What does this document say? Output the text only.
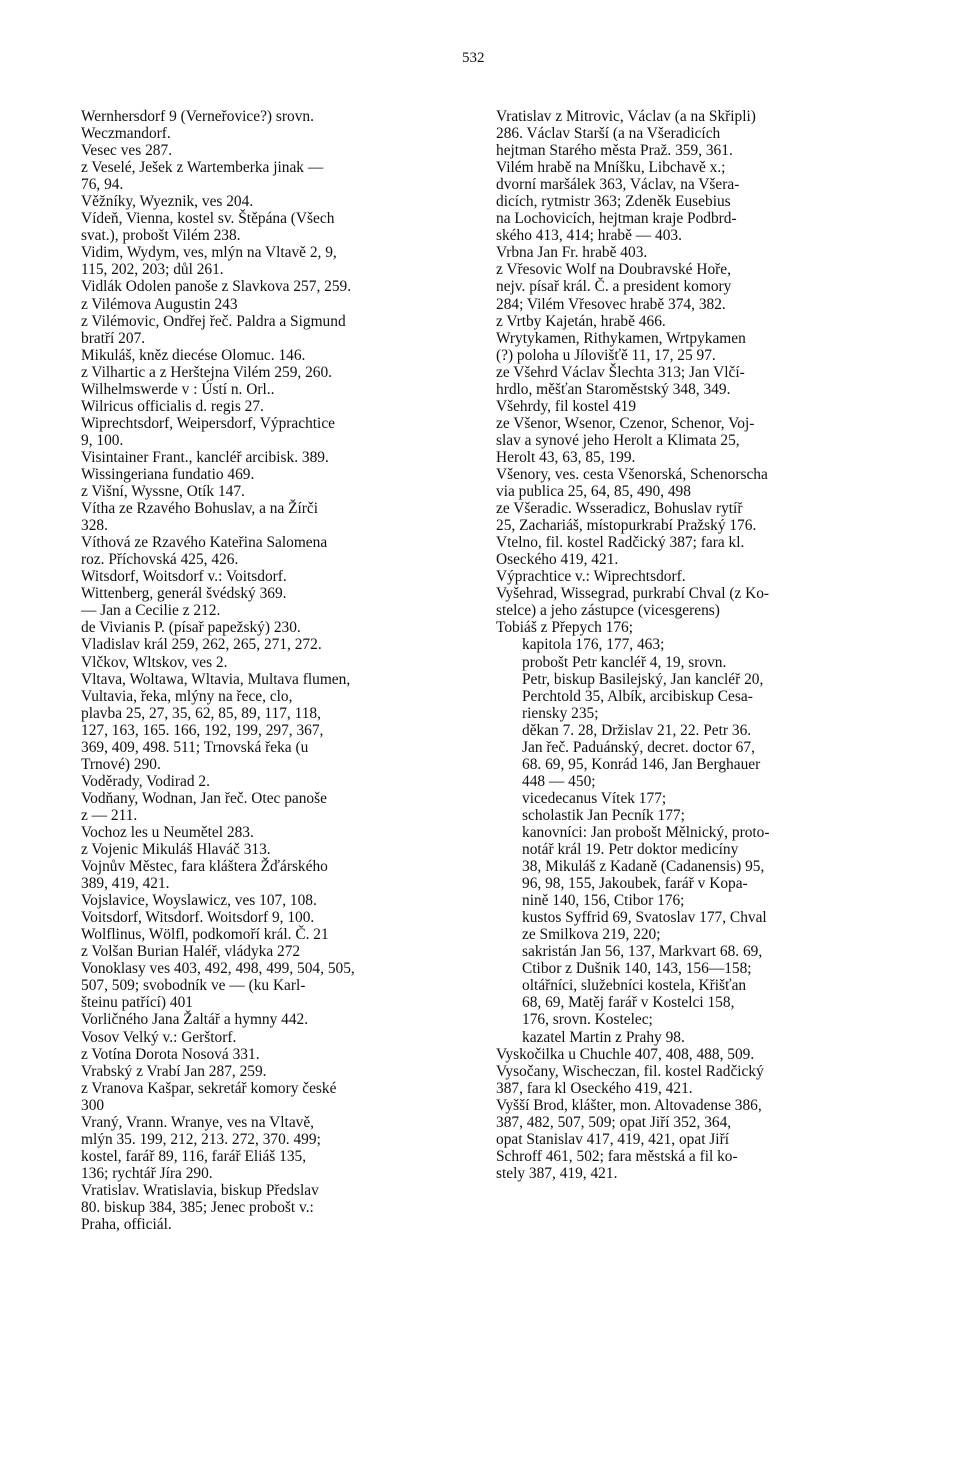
532

Wernhersdorf 9 (Verneřovice?) srovn.
Weczmandorf.

Vesec ves 287.

z Veselé, Ješek z Wartemberka jinak —
76, 94.

Věžníky, Wyeznik, ves 204.

Vídeň, Vienna, kostel sv. Štěpána (Všech
svat.), probošt Vilém 238.

Vidim, Wydym, ves, mlýn na Vltavě 2, 9,
115, 202, 203; důl 261.

Vidlák Odolen panoše z Slavkova 257, 259.

z Vilémova Augustin 243

z Vilémovic, Ondřej řeč. Paldra a Sigmund
bratří 207.

Mikuláš, kněz diecése Olomuc. 146.

z Vilhartic a z Herštejna Vilém 259, 260.

Wilhelmswerde v : Ústí n. Orl..

Wilricus officialis d. regis 27.

Wiprechtsdorf, Weipersdorf, Výprachtice
9, 100.

Visintainer Frant., kancléř arcibisk. 389.

Wissingeriana fundatio 469.

z Višní, Wyssne, Otík 147.

Vítha ze Rzavého Bohuslav, a na Žírči
328.

Víthová ze Rzavého Kateřina Salomena
roz. Příchovská 425, 426.

Witsdorf, Woitsdorf v.: Voitsdorf.

Wittenberg, generál švédský 369.

— Jan a Cecilie z 212.

de Vivianis P. (písař papežský) 230.

Vladislav král 259, 262, 265, 271, 272.

Vlčkov, Wltskov, ves 2.

Vltava, Woltawa, Wltavia, Multava flumen,
Vultavia, řeka, mlýny na řece, clo,
plavba 25, 27, 35, 62, 85, 89, 117, 118,
127, 163, 165. 166, 192, 199, 297, 367,
369, 409, 498. 511; Trnovská řeka (u
Trnové) 290.

Voděrady, Vodirad 2.

Vodňany, Wodnan, Jan řeč. Otec panoše
z — 211.

Vochoz les u Neumětel 283.

z Vojenic Mikuláš Hlaváč 313.

Vojnův Městec, fara kláštera Žďárského
389, 419, 421.

Vojslavice, Woyslawicz, ves 107, 108.

Voitsdorf, Witsdorf. Woitsdorf 9, 100.

Wolflinus, Wölfl, podkomoří král. Č. 21

z Volšan Burian Haléř, vládyka 272

Vonoklasy ves 403, 492, 498, 499, 504, 505,
507, 509; svobodník ve — (ku Karl-
šteinu patřící) 401

Vorličného Jana Žaltář a hymny 442.

Vosov Velký v.: Gerštorf.

z Votína Dorota Nosová 331.

Vrabský z Vrabí Jan 287, 259.

z Vranova Kašpar, sekretář komory české
300

Vraný, Vrann. Wranye, ves na Vltavě,
mlýn 35. 199, 212, 213. 272, 370. 499;
kostel, farář 89, 116, farář Eliáš 135,
136; rychtář Jíra 290.

Vratislav. Wratislavia, biskup Předslav
80. biskup 384, 385; Jenec probošt v.:
Praha, officiál.

Vratislav z Mitrovic, Václav (a na Skřipli)
286. Václav Starší (a na Všeradicích
hejtman Starého města Praž. 359, 361.
Vilém hrabě na Mníšku, Libchavě x.;
dvorní maršálek 363, Václav, na Všera-
dicích, rytmistr 363; Zdeněk Eusebius
na Lochovicích, hejtman kraje Podbrd-
ského 413, 414; hrabě — 403.

Vrbna Jan Fr. hrabě 403.

z Vřesovic Wolf na Doubravské Hoře,
nejv. písař král. Č. a president komory
284; Vilém Vřesovec hrabě 374, 382.

z Vrtby Kajetán, hrabě 466.

Wrytykamen, Rithykamen, Wrtpykamen
(?) poloha u Jílovišťě 11, 17, 25 97.

ze Všehrd Václav Šlechta 313; Jan Vlčí-
hrdlo, měšťan Staroměstský 348, 349.

Všehrdy, fil kostel 419

ze Všenor, Wsenor, Czenor, Schenor, Voj-
slav a synové jeho Herolt a Klimata 25,
Herolt 43, 63, 85, 199.

Všenory, ves. cesta Všenorská, Schenorscha
via publica 25, 64, 85, 490, 498

ze Všeradic. Wsseradicz, Bohuslav rytíř
25, Zachariáš, místopurkrabí Pražský 176.

Vtelno, fil. kostel Radčický 387; fara kl.
Oseckého 419, 421.

Výprachtice v.: Wiprechtsdorf.

Vyšehrad, Wissegrad, purkrabí Chval (z Ko-
stelce) a jeho zástupce (vicesgerens)
Tobiáš z Přepych 176;

kapitola 176, 177, 463;

probošt Petr kancléř 4, 19, srovn.
Petr, biskup Basilejský, Jan kancléř 20,
Perchtold 35, Albík, arcibiskup Cesa-
riensky 235;

děkan 7. 28, Držislav 21, 22. Petr 36.
Jan řeč. Paduánský, decret. doctor 67,
68. 69, 95, Konrád 146, Jan Berghauer
448 — 450;

vicedecanus Vítek 177;

scholastik Jan Pecník 177;

kanovníci: Jan probošt Mělnický, proto-
notář král 19. Petr doktor medicíny
38, Mikuláš z Kadaně (Cadanensis) 95,
96, 98, 155, Jakoubek, farář v Kopa-
nině 140, 156, Ctibor 176;
kustos Syffrid 69, Svatoslav 177, Chval
ze Smilkova 219, 220;

sakristán Jan 56, 137, Markvart 68. 69,
Ctibor z Dušnik 140, 143, 156—158;

oltářníci, služebníci kostela, Křišťan
68, 69, Matěj farář v Kostelci 158,
176, srovn. Kostelec;

kazatel Martin z Prahy 98.

Vyskočilka u Chuchle 407, 408, 488, 509.

Vysočany, Wischeczan, fil. kostel Radčický
387, fara kl Oseckého 419, 421.

Vyšší Brod, klášter, mon. Altovadense 386,
387, 482, 507, 509; opat Jiří 352, 364,
opat Stanislav 417, 419, 421, opat Jiří
Schroff 461, 502; fara městská a fil ko-
stely 387, 419, 421.
